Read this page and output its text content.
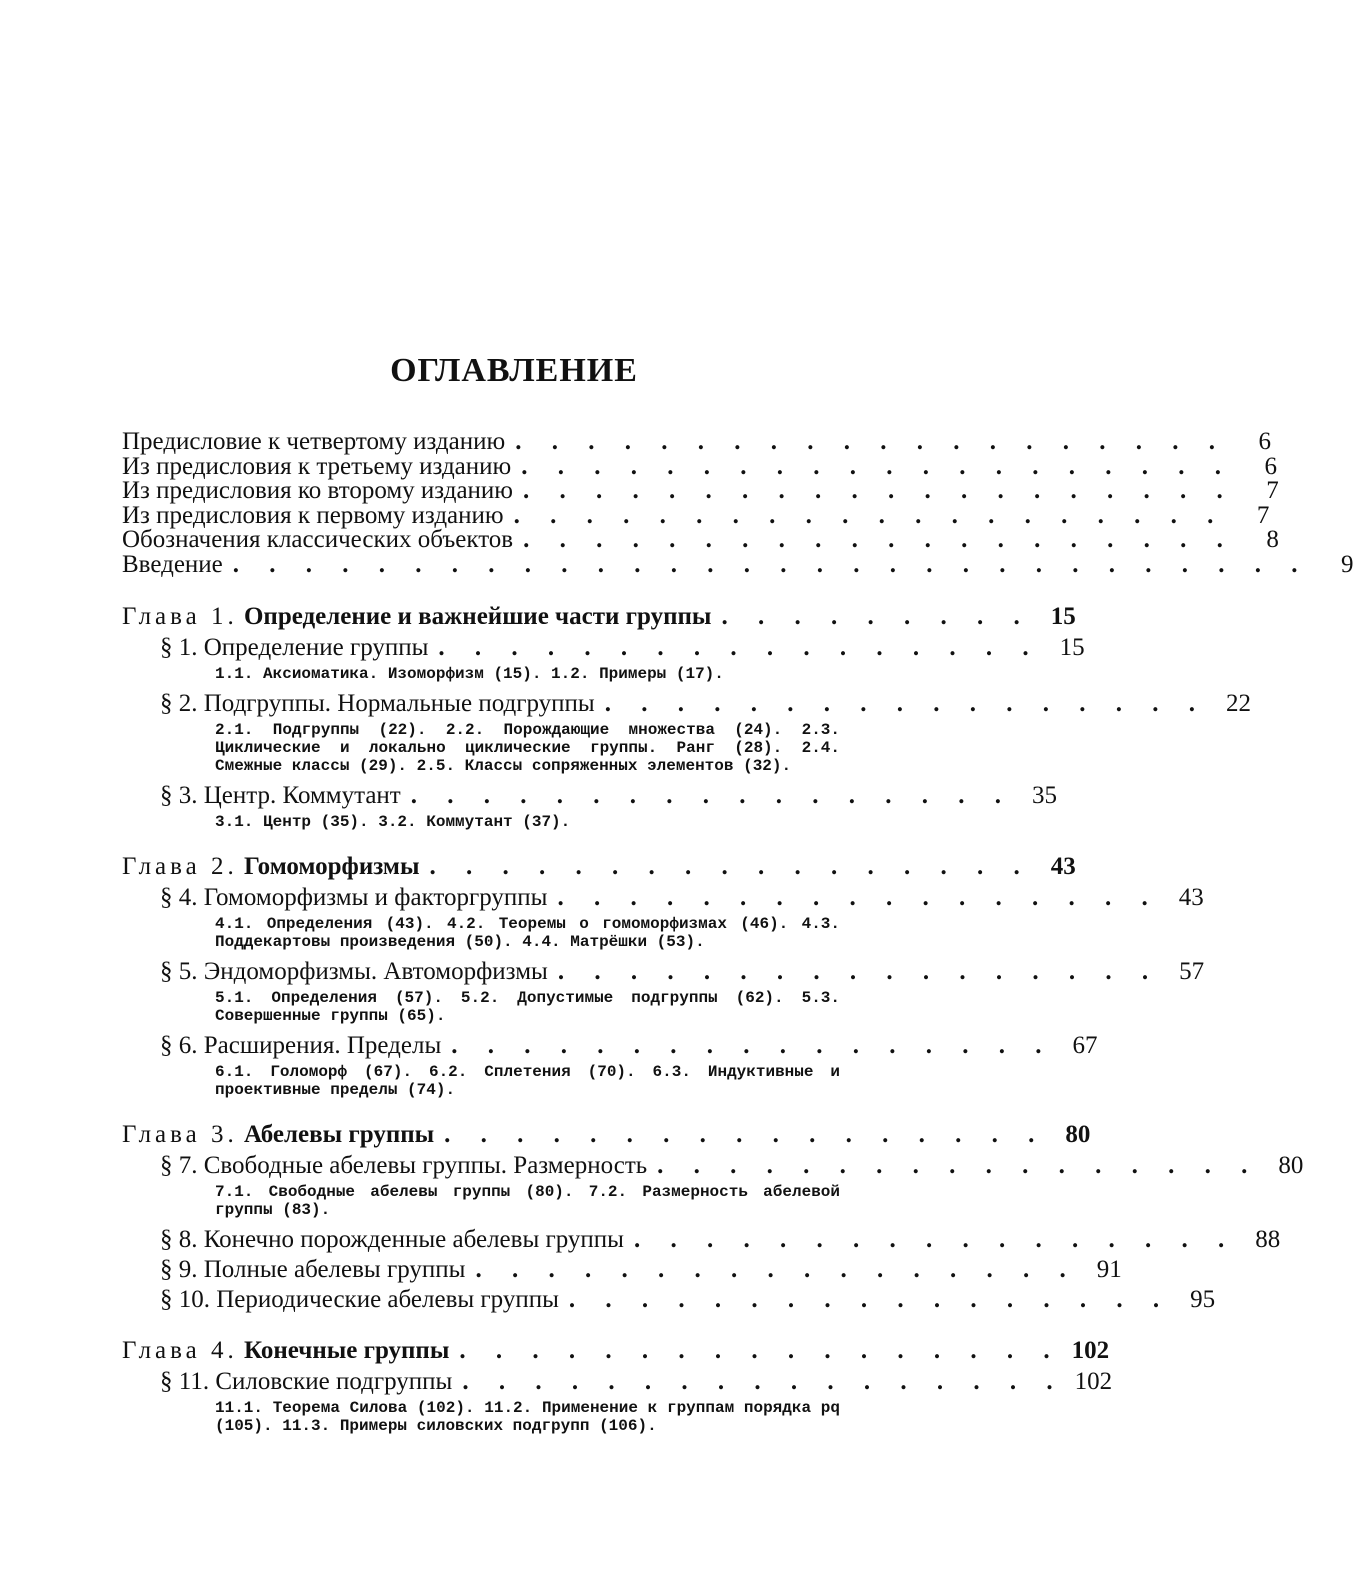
ОГЛАВЛЕНИЕ
Предисловие к четвертому изданию . . . . . . . . . . . . . . . . . . . .	6
Из предисловия к третьему изданию . . . . . . . . . . . . . . . . . . . .	6
Из предисловия ко второму изданию . . . . . . . . . . . . . . . . . . . .	7
Из предисловия к первому изданию . . . . . . . . . . . . . . . . . . . .	7
Обозначения классических объектов . . . . . . . . . . . . . . . . . . . .	8
Введение . . . . . . . . . . . . . . . . . . . . . . . . . . . . . .	9
Глава 1. Определение и важнейшие части группы . . . . . . . . . 15
§ 1. Определение группы . . . . . . . . . . . . . . . . . 15
1.1. Аксиоматика. Изоморфизм (15). 1.2. Примеры (17).
§ 2. Подгруппы. Нормальные подгруппы . . . . . . . . . . . . . . . . . 22
2.1. Подгруппы (22). 2.2. Порождающие множества (24). 2.3. Циклические и локально циклические группы. Ранг (28). 2.4. Смежные классы (29). 2.5. Классы сопряженных элементов (32).
§ 3. Центр. Коммутант . . . . . . . . . . . . . . . . . 35
3.1. Центр (35). 3.2. Коммутант (37).
Глава 2. Гомоморфизмы . . . . . . . . . . . . . . . . . 43
§ 4. Гомоморфизмы и факторгруппы . . . . . . . . . . . . . . . . . 43
4.1. Определения (43). 4.2. Теоремы о гомоморфизмах (46). 4.3. Поддекартовы произведения (50). 4.4. Матрёшки (53).
§ 5. Эндоморфизмы. Автоморфизмы . . . . . . . . . . . . . . . . . 57
5.1. Определения (57). 5.2. Допустимые подгруппы (62). 5.3. Совершенные группы (65).
§ 6. Расширения. Пределы . . . . . . . . . . . . . . . . . 67
6.1. Голоморф (67). 6.2. Сплетения (70). 6.3. Индуктивные и проективные пределы (74).
Глава 3. Абелевы группы . . . . . . . . . . . . . . . . . 80
§ 7. Свободные абелевы группы. Размерность . . . . . . . . . . . . . . . . . 80
7.1. Свободные абелевы группы (80). 7.2. Размерность абелевой группы (83).
§ 8. Конечно порожденные абелевы группы . . . . . . . . . . . . . . . . . 88
§ 9. Полные абелевы группы . . . . . . . . . . . . . . . . . 91
§ 10. Периодические абелевы группы . . . . . . . . . . . . . . . . . 95
Глава 4. Конечные группы . . . . . . . . . . . . . . . . . 102
§ 11. Силовские подгруппы . . . . . . . . . . . . . . . . . 102
11.1. Теорема Силова (102). 11.2. Применение к группам порядка pq (105). 11.3. Примеры силовских подгрупп (106).
